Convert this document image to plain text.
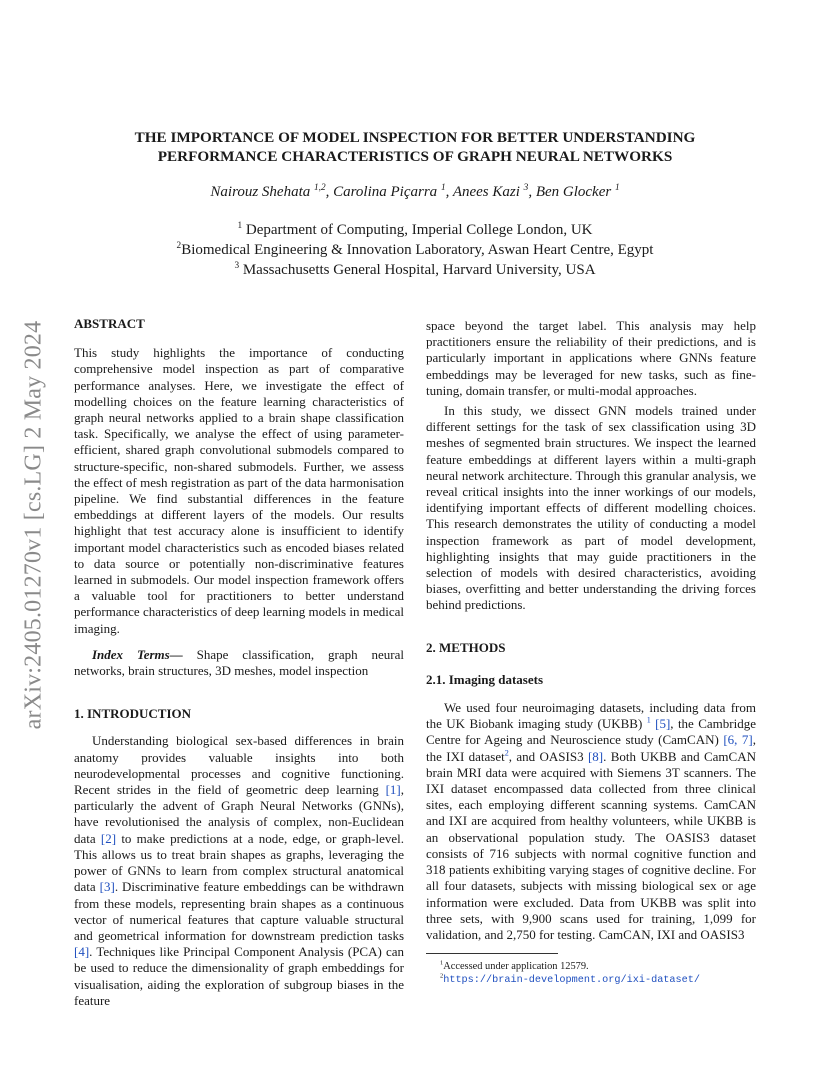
arXiv:2405.01270v1 [cs.LG] 2 May 2024
THE IMPORTANCE OF MODEL INSPECTION FOR BETTER UNDERSTANDING
PERFORMANCE CHARACTERISTICS OF GRAPH NEURAL NETWORKS
Nairouz Shehata $^{1,2}$, Carolina Piçarra $^1$, Anees Kazi $^3$, Ben Glocker $^1$
$^1$ Department of Computing, Imperial College London, UK
$^2$Biomedical Engineering & Innovation Laboratory, Aswan Heart Centre, Egypt
$^3$ Massachusetts General Hospital, Harvard University, USA

ABSTRACT

This study highlights the importance of conducting comprehensive model inspection as part of comparative performance analyses. Here, we investigate the effect of modelling choices on the feature learning characteristics of graph neural networks applied to a brain shape classification task. Specifically, we analyse the effect of using parameter-efficient, shared graph convolutional submodels compared to structure-specific, non-shared submodels. Further, we assess the effect of mesh registration as part of the data harmonisation pipeline. We find substantial differences in the feature embeddings at different layers of the models. Our results highlight that test accuracy alone is insufficient to identify important model characteristics such as encoded biases related to data source or potentially non-discriminative features learned in submodels. Our model inspection framework offers a valuable tool for practitioners to better understand performance characteristics of deep learning models in medical imaging.

Index Terms— Shape classification, graph neural networks, brain structures, 3D meshes, model inspection

1. INTRODUCTION

Understanding biological sex-based differences in brain anatomy provides valuable insights into both neurodevelopmental processes and cognitive functioning. Recent strides in the field of geometric deep learning [1], particularly the advent of Graph Neural Networks (GNNs), have revolutionised the analysis of complex, non-Euclidean data [2] to make predictions at a node, edge, or graph-level. This allows us to treat brain shapes as graphs, leveraging the power of GNNs to learn from complex structural anatomical data [3]. Discriminative feature embeddings can be withdrawn from these models, representing brain shapes as a continuous vector of numerical features that capture valuable structural and geometrical information for downstream prediction tasks [4]. Techniques like Principal Component Analysis (PCA) can be used to reduce the dimensionality of graph embeddings for visualisation, aiding the exploration of subgroup biases in the feature

space beyond the target label. This analysis may help practitioners ensure the reliability of their predictions, and is particularly important in applications where GNNs feature embeddings may be leveraged for new tasks, such as fine-tuning, domain transfer, or multi-modal approaches.

In this study, we dissect GNN models trained under different settings for the task of sex classification using 3D meshes of segmented brain structures. We inspect the learned feature embeddings at different layers within a multi-graph neural network architecture. Through this granular analysis, we reveal critical insights into the inner workings of our models, identifying important effects of different modelling choices. This research demonstrates the utility of conducting a model inspection framework as part of model development, highlighting insights that may guide practitioners in the selection of models with desired characteristics, avoiding biases, overfitting and better understanding the driving forces behind predictions.

2. METHODS

2.1. Imaging datasets

We used four neuroimaging datasets, including data from the UK Biobank imaging study (UKBB) $^1$ [5], the Cambridge Centre for Ageing and Neuroscience study (CamCAN) [6, 7], the IXI dataset$^2$, and OASIS3 [8]. Both UKBB and CamCAN brain MRI data were acquired with Siemens 3T scanners. The IXI dataset encompassed data collected from three clinical sites, each employing different scanning systems. CamCAN and IXI are acquired from healthy volunteers, while UKBB is an observational population study. The OASIS3 dataset consists of 716 subjects with normal cognitive function and 318 patients exhibiting varying stages of cognitive decline. For all four datasets, subjects with missing biological sex or age information were excluded. Data from UKBB was split into three sets, with 9,900 scans used for training, 1,099 for validation, and 2,750 for testing. CamCAN, IXI and OASIS3

$^1$Accessed under application 12579.

$^2$https://brain-development.org/ixi-dataset/
